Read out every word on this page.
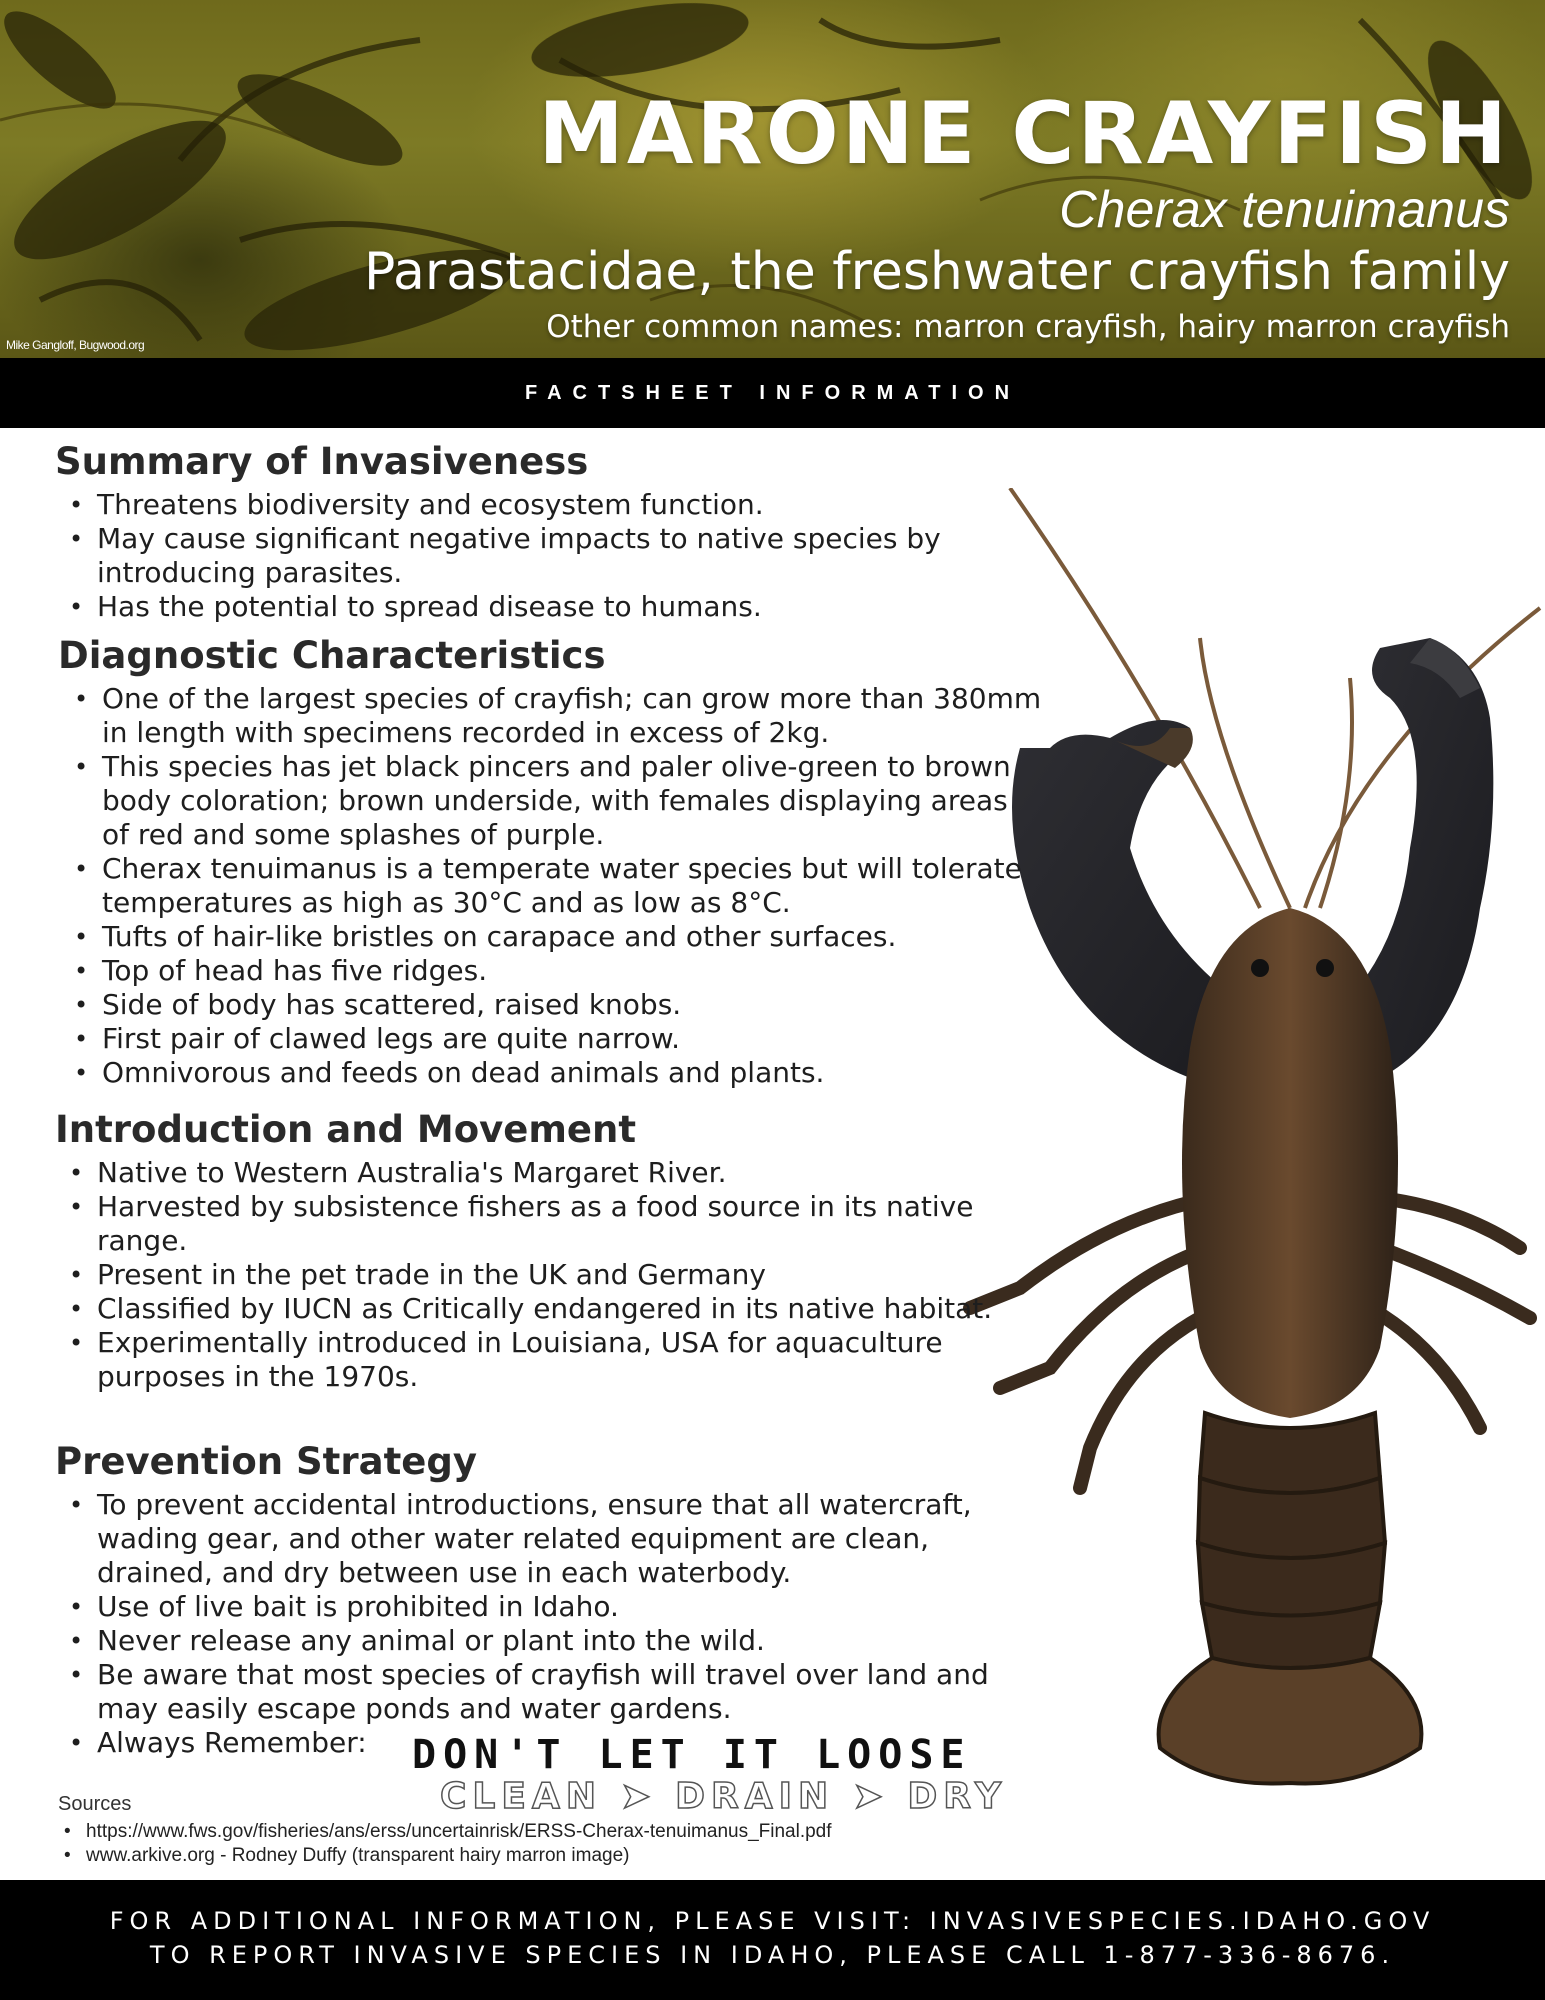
MARONE CRAYFISH
Cherax tenuimanus
Parastacidae, the freshwater crayfish family
Other common names: marron crayfish, hairy marron crayfish
Mike Gangloff, Bugwood.org
FACTSHEET INFORMATION
Summary of Invasiveness
• Threatens biodiversity and ecosystem function.
• May cause significant negative impacts to native species by introducing parasites.
• Has the potential to spread disease to humans.
Diagnostic Characteristics
• One of the largest species of crayfish; can grow more than 380mm in length with specimens recorded in excess of 2kg.
• This species has jet black pincers and paler olive-green to brown body coloration; brown underside, with females displaying areas of red and some splashes of purple.
• Cherax tenuimanus is a temperate water species but will tolerate temperatures as high as 30°C and as low as 8°C.
• Tufts of hair-like bristles on carapace and other surfaces.
• Top of head has five ridges.
• Side of body has scattered, raised knobs.
• First pair of clawed legs are quite narrow.
• Omnivorous and feeds on dead animals and plants.
Introduction and Movement
• Native to Western Australia's Margaret River.
• Harvested by subsistence fishers as a food source in its native range.
• Present in the pet trade in the UK and Germany
• Classified by IUCN as Critically endangered in its native habitat.
• Experimentally introduced in Louisiana, USA for aquaculture purposes in the 1970s.
Prevention Strategy
• To prevent accidental introductions, ensure that all watercraft, wading gear, and other water related equipment are clean, drained, and dry between use in each waterbody.
• Use of live bait is prohibited in Idaho.
• Never release any animal or plant into the wild.
• Be aware that most species of crayfish will travel over land and may easily escape ponds and water gardens.
• Always Remember:	DON'T LET IT LOOSE
CLEAN ➤ DRAIN ➤ DRY
Sources
• https://www.fws.gov/fisheries/ans/erss/uncertainrisk/ERSS-Cherax-tenuimanus_Final.pdf
• www.arkive.org - Rodney Duffy (transparent hairy marron image)
FOR ADDITIONAL INFORMATION, PLEASE VISIT: INVASIVESPECIES.IDAHO.GOV
TO REPORT INVASIVE SPECIES IN IDAHO, PLEASE CALL 1-877-336-8676.
